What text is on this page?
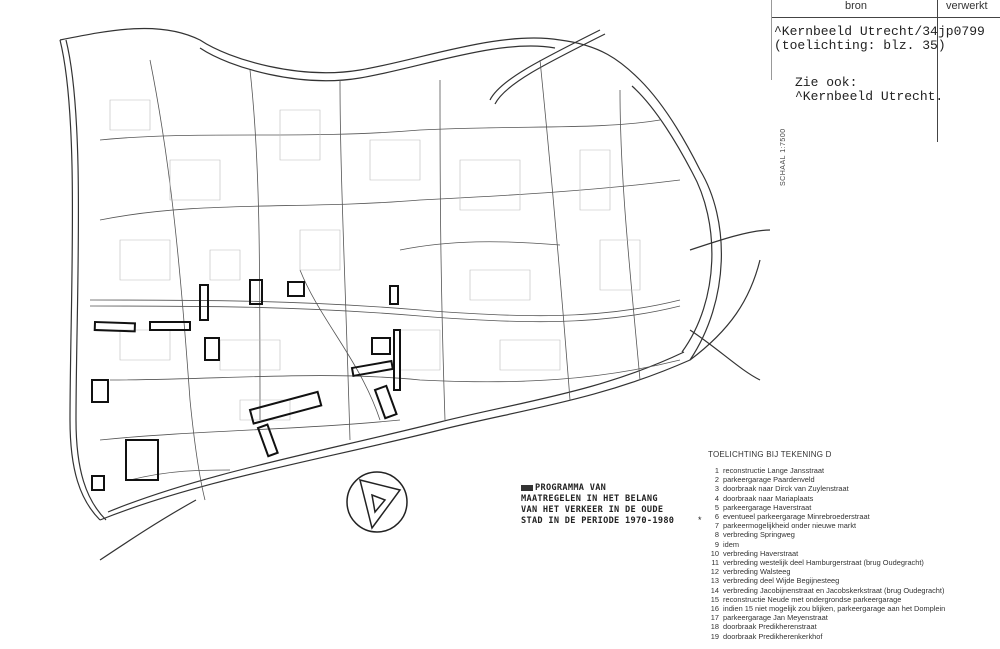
bron	verwerkt
^Kernbeeld Utrecht/34
(toelichting: blz. 35)
jp0799
Zie ook:
^Kernbeeld Utrecht.
SCHAAL 1:7500
PROGRAMMA VAN
MAATREGELEN IN HET BELANG
VAN HET VERKEER IN DE OUDE
STAD IN DE PERIODE 1970-1980	*
TOELICHTING BIJ TEKENING D
1 reconstructie Lange Jansstraat
2 parkeergarage Paardenveld
3 doorbraak naar Dirck van Zuylenstraat
4 doorbraak naar Mariaplaats
5 parkeergarage Haverstraat
6 eventueel parkeergarage Minrebroederstraat
7 parkeermogelijkheid onder nieuwe markt
8 verbreding Springweg
9 idem
10 verbreding Haverstraat
11 verbreding westelijk deel Hamburgerstraat (brug Oudegracht)
12 verbreding Walsteeg
13 verbreding deel Wijde Begijnesteeg
14 verbreding Jacobijnenstraat en Jacobskerkstraat (brug Oudegracht)
15 reconstructie Neude met ondergrondse parkeergarage
16 indien 15 niet mogelijk zou blijken, parkeergarage aan het Domplein
17 parkeergarage Jan Meyenstraat
18 doorbraak Predikherenstraat
19 doorbraak Predikherenkerkhof
